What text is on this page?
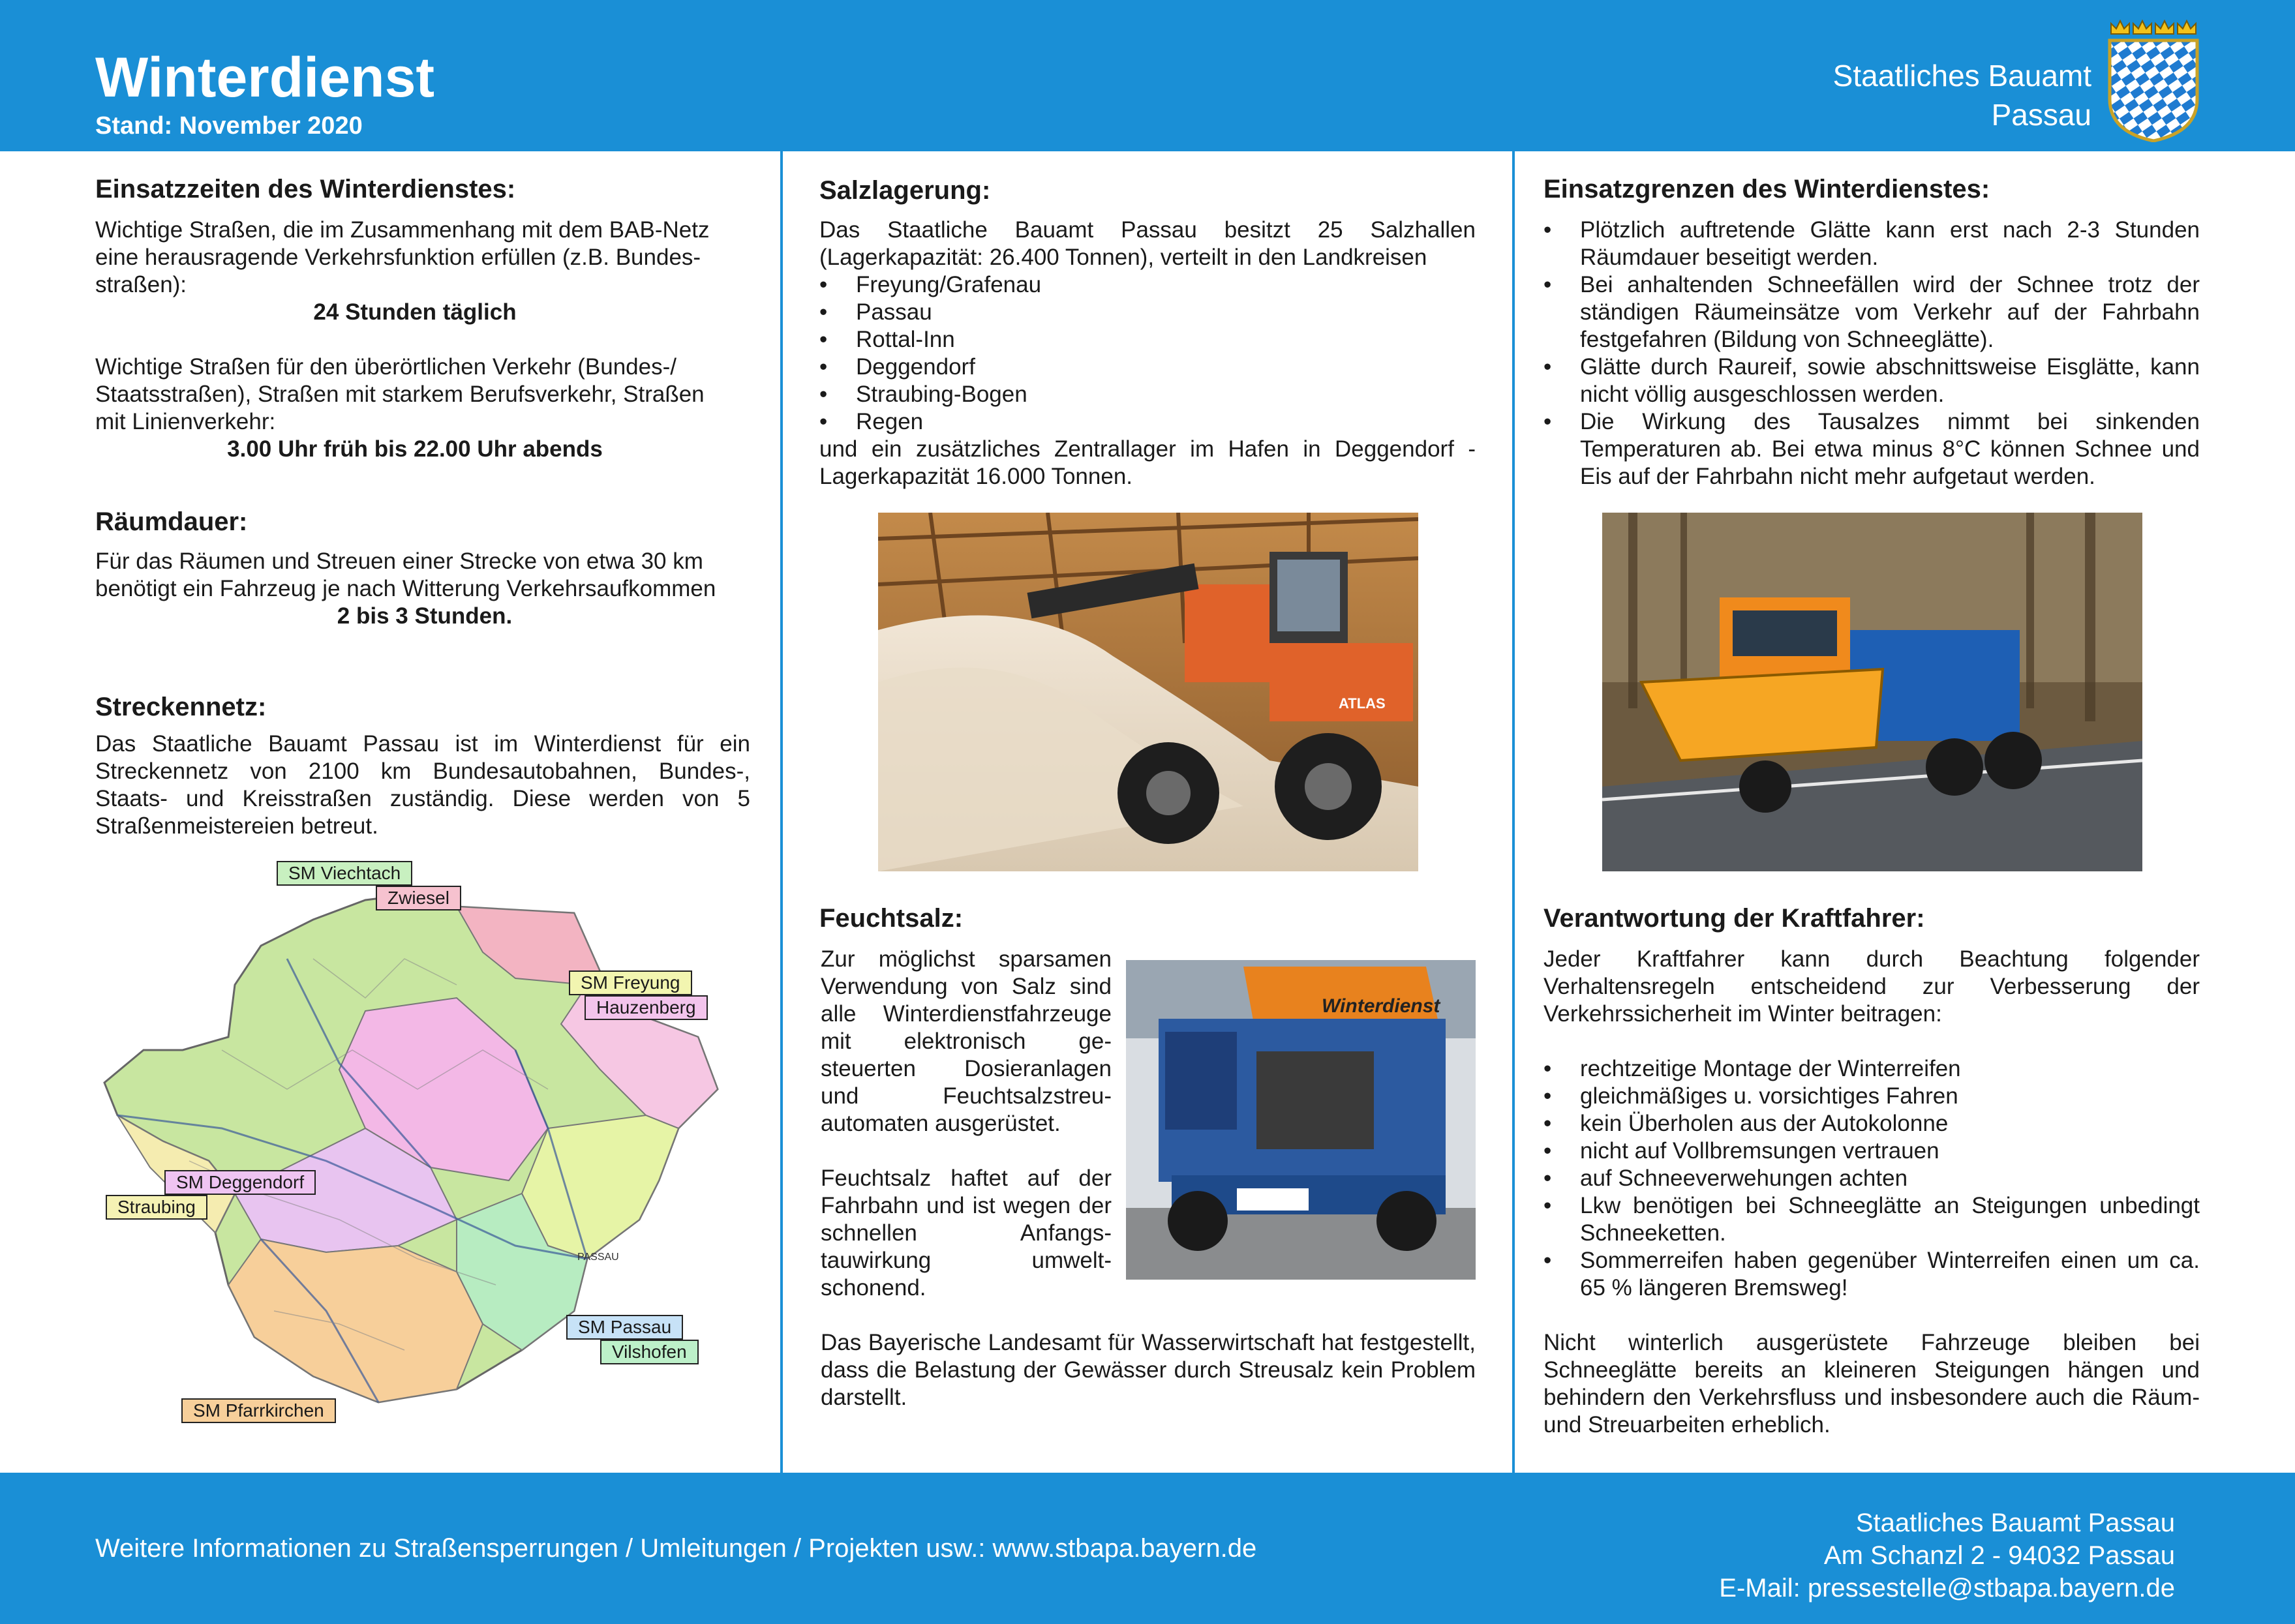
Winterdienst
Stand: November 2020
Staatliches Bauamt
Passau
Einsatzzeiten des Winterdienstes:

Wichtige Straßen, die im Zusammenhang mit dem BAB-Netz eine herausragende Verkehrsfunktion erfüllen (z.B. Bundes-straßen):

24 Stunden täglich

Wichtige Straßen für den überörtlichen Verkehr (Bundes-/ Staatsstraßen), Straßen mit starkem Berufsverkehr, Straßen mit Linienverkehr:

3.00 Uhr früh bis 22.00 Uhr abends

Räumdauer:

Für das Räumen und Streuen einer Strecke von etwa 30 km benötigt ein Fahrzeug je nach Witterung Verkehrsaufkommen

2 bis 3 Stunden.

Streckennetz:

Das Staatliche Bauamt Passau ist im Winterdienst für ein Streckennetz von 2100 km Bundesautobahnen, Bundes-, Staats- und Kreisstraßen zuständig. Diese werden von 5 Straßenmeistereien betreut.

PASSAU
SM Viechtach
Zwiesel
SM Freyung
Hauzenberg
SM Deggendorf
Straubing
SM Passau
Vilshofen
SM Pfarrkirchen
Salzlagerung:

Das Staatliche Bauamt Passau besitzt 25 Salzhallen (Lagerkapazität: 26.400 Tonnen), verteilt in den Landkreisen

• Freyung/Grafenau
• Passau
• Rottal-Inn
• Deggendorf
• Straubing-Bogen
• Regen

und ein zusätzliches Zentrallager im Hafen in Deggendorf - Lagerkapazität 16.000 Tonnen.

ATLAS
Feuchtsalz:

Zur möglichst sparsamen Verwendung von Salz sind alle Winterdienstfahrzeuge mit elektronisch ge-steuerten Dosieranlagen und Feuchtsalzstreu-automaten ausgerüstet.

Feuchtsalz haftet auf der Fahrbahn und ist wegen der schnellen Anfangs-tauwirkung umwelt-schonend.

Das Bayerische Landesamt für Wasserwirtschaft hat festgestellt, dass die Belastung der Gewässer durch Streusalz kein Problem darstellt.

Winterdienst
Einsatzgrenzen des Winterdienstes:
• Plötzlich auftretende Glätte kann erst nach 2-3 Stunden Räumdauer beseitigt werden.
• Bei anhaltenden Schneefällen wird der Schnee trotz der ständigen Räumeinsätze vom Verkehr auf der Fahrbahn festgefahren (Bildung von Schneeglätte).
• Glätte durch Raureif, sowie abschnittsweise Eisglätte, kann nicht völlig ausgeschlossen werden.
• Die Wirkung des Tausalzes nimmt bei sinkenden Temperaturen ab. Bei etwa minus 8°C können Schnee und Eis auf der Fahrbahn nicht mehr aufgetaut werden.
Verantwortung der Kraftfahrer:

Jeder Kraftfahrer kann durch Beachtung folgender Verhaltensregeln entscheidend zur Verbesserung der Verkehrssicherheit im Winter beitragen:

• rechtzeitige Montage der Winterreifen
• gleichmäßiges u. vorsichtiges Fahren
• kein Überholen aus der Autokolonne
• nicht auf Vollbremsungen vertrauen
• auf Schneeverwehungen achten
• Lkw benötigen bei Schneeglätte an Steigungen unbedingt Schneeketten.
• Sommerreifen haben gegenüber Winterreifen einen um ca. 65 % längeren Bremsweg!

Nicht winterlich ausgerüstete Fahrzeuge bleiben bei Schneeglätte bereits an kleineren Steigungen hängen und behindern den Verkehrsfluss und insbesondere auch die Räum- und Streuarbeiten erheblich.

Weitere Informationen zu Straßensperrungen / Umleitungen / Projekten usw.: www.stbapa.bayern.de
Staatliches Bauamt Passau
Am Schanzl 2 - 94032 Passau
E-Mail: pressestelle@stbapa.bayern.de
